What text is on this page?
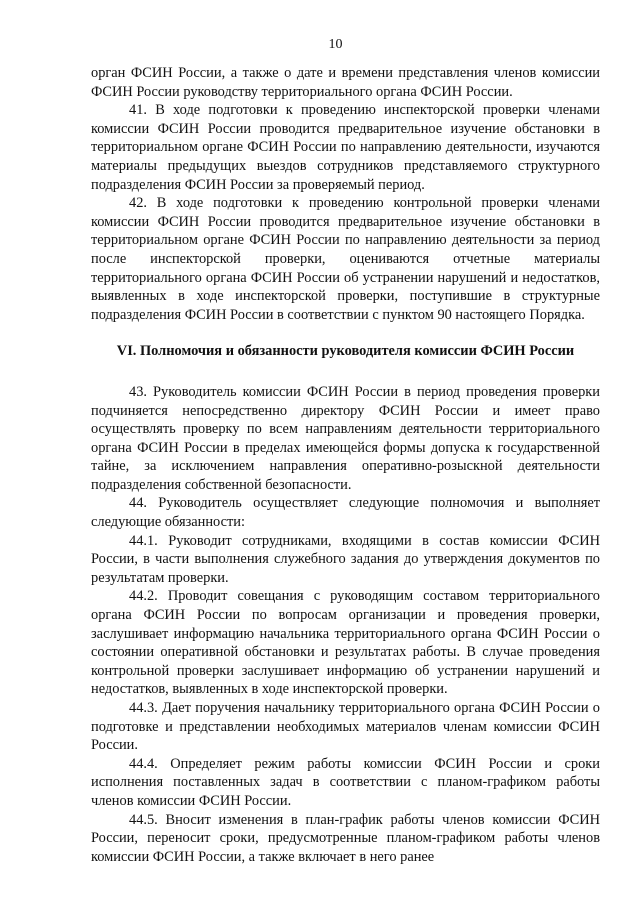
10

орган ФСИН России, а также о дате и времени представления членов комиссии ФСИН России руководству территориального органа ФСИН России.

41. В ходе подготовки к проведению инспекторской проверки членами комиссии ФСИН России проводится предварительное изучение обстановки в территориальном органе ФСИН России по направлению деятельности, изучаются материалы предыдущих выездов сотрудников представляемого структурного подразделения ФСИН России за проверяемый период.

42. В ходе подготовки к проведению контрольной проверки членами комиссии ФСИН России проводится предварительное изучение обстановки в территориальном органе ФСИН России по направлению деятельности за период после инспекторской проверки, оцениваются отчетные материалы территориального органа ФСИН России об устранении нарушений и недостатков, выявленных в ходе инспекторской проверки, поступившие в структурные подразделения ФСИН России в соответствии с пунктом 90 настоящего Порядка.

VI. Полномочия и обязанности руководителя комиссии ФСИН России

43. Руководитель комиссии ФСИН России в период проведения проверки подчиняется непосредственно директору ФСИН России и имеет право осуществлять проверку по всем направлениям деятельности территориального органа ФСИН России в пределах имеющейся формы допуска к государственной тайне, за исключением направления оперативно-розыскной деятельности подразделения собственной безопасности.

44. Руководитель осуществляет следующие полномочия и выполняет следующие обязанности:

44.1. Руководит сотрудниками, входящими в состав комиссии ФСИН России, в части выполнения служебного задания до утверждения документов по результатам проверки.

44.2. Проводит совещания с руководящим составом территориального органа ФСИН России по вопросам организации и проведения проверки, заслушивает информацию начальника территориального органа ФСИН России о состоянии оперативной обстановки и результатах работы. В случае проведения контрольной проверки заслушивает информацию об устранении нарушений и недостатков, выявленных в ходе инспекторской проверки.

44.3. Дает поручения начальнику территориального органа ФСИН России о подготовке и представлении необходимых материалов членам комиссии ФСИН России.

44.4. Определяет режим работы комиссии ФСИН России и сроки исполнения поставленных задач в соответствии с планом-графиком работы членов комиссии ФСИН России.

44.5. Вносит изменения в план-график работы членов комиссии ФСИН России, переносит сроки, предусмотренные планом-графиком работы членов комиссии ФСИН России, а также включает в него ранее
